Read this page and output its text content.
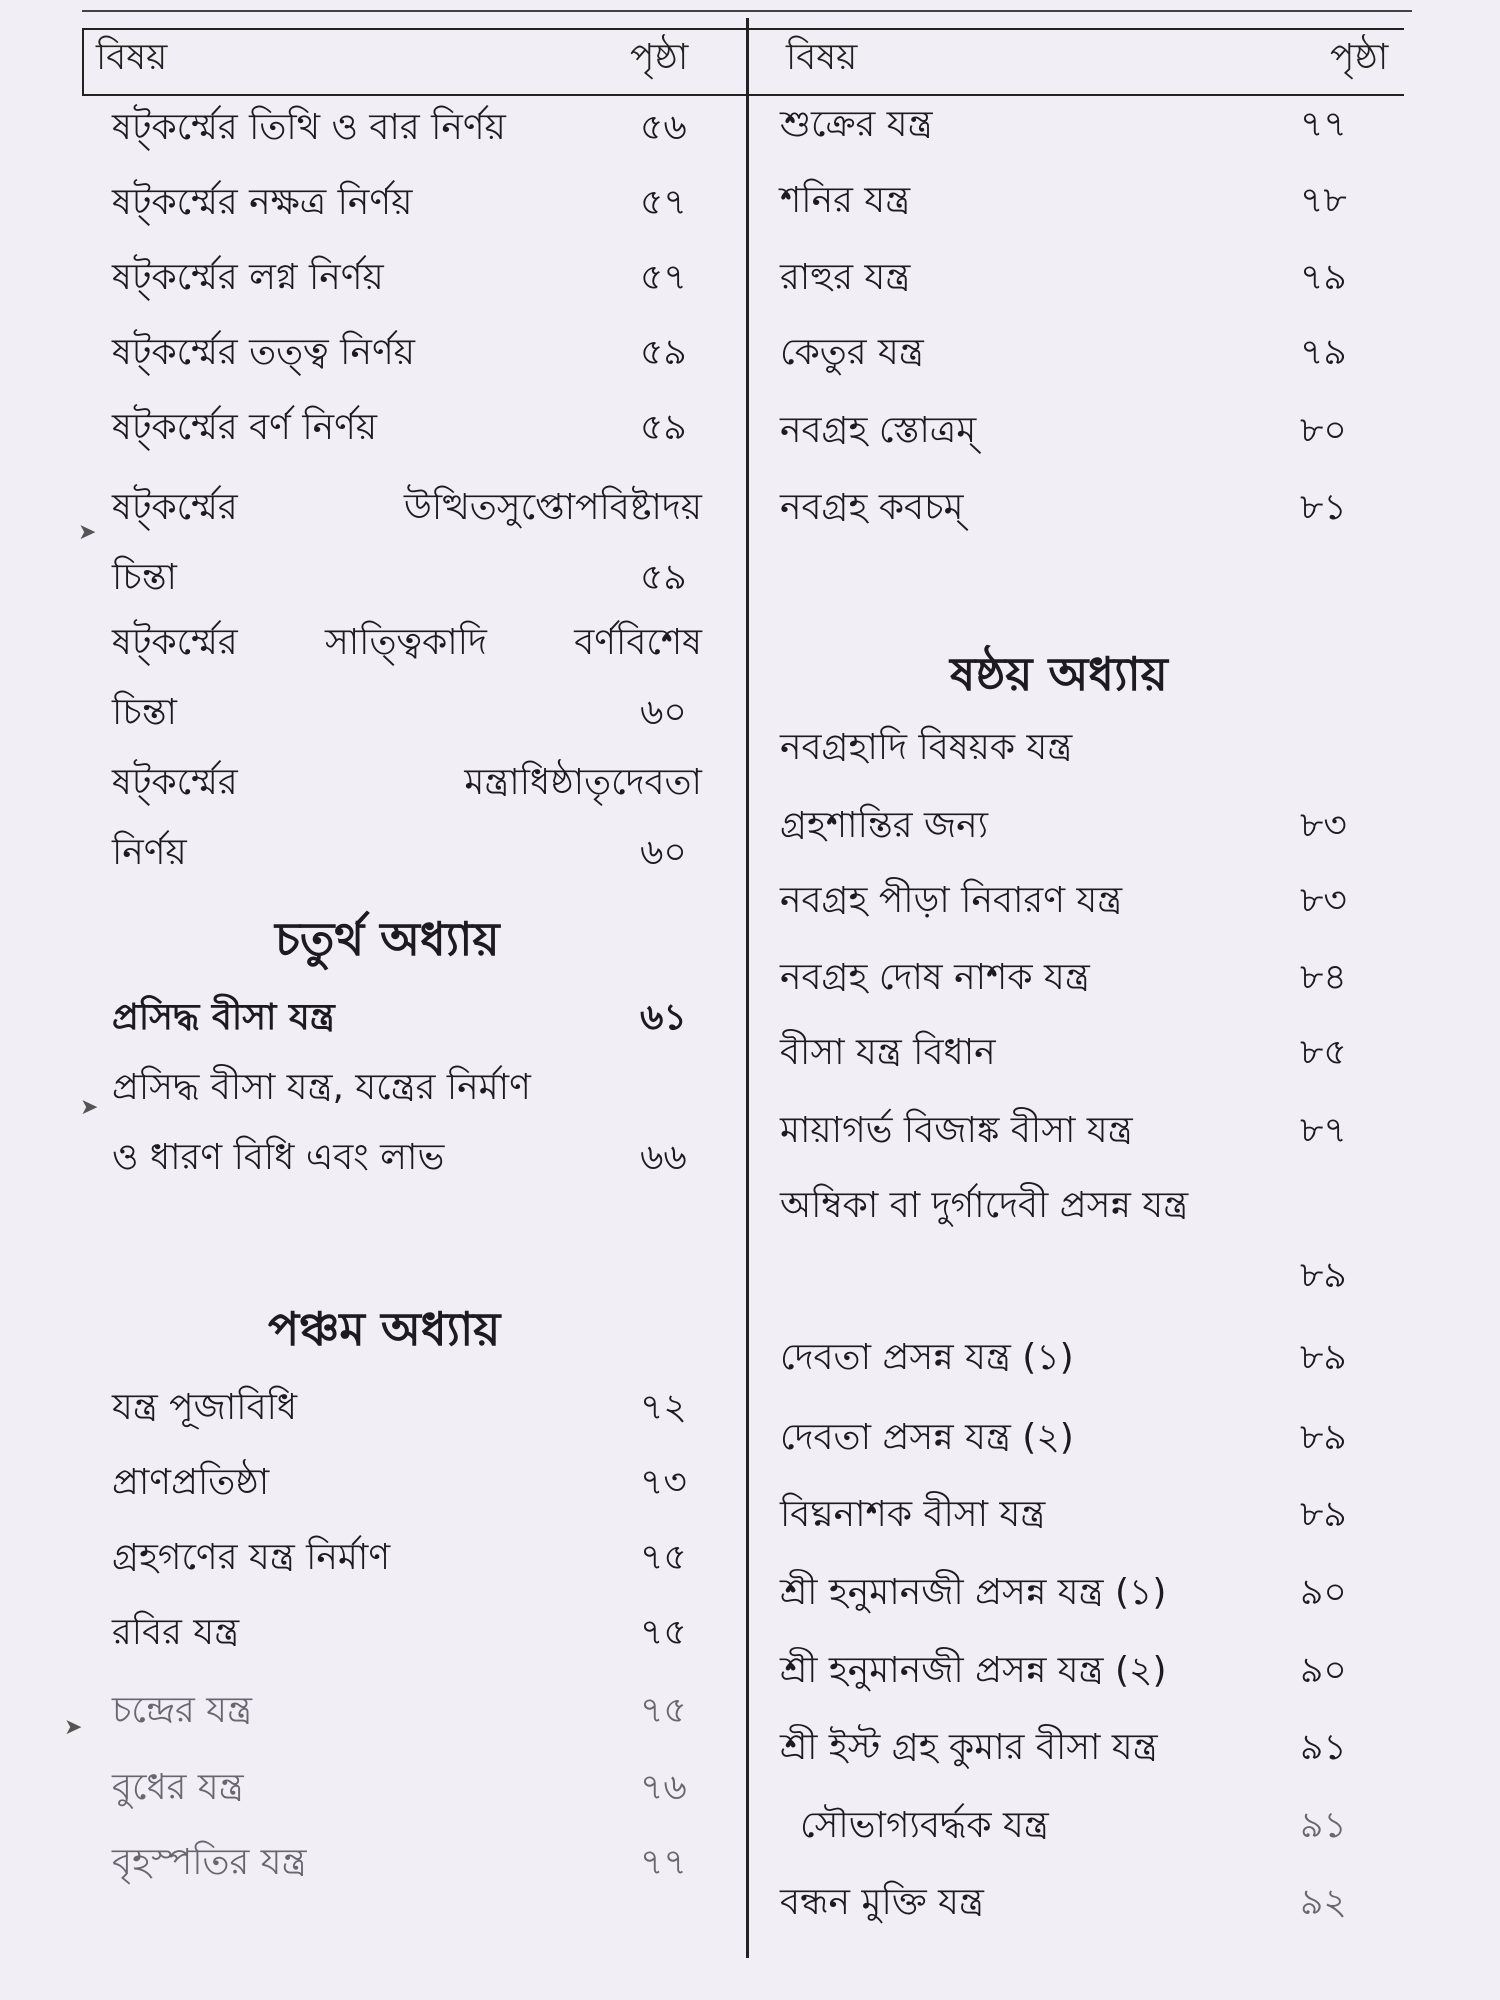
বিষয়	পৃষ্ঠা	বিষয়	পৃষ্ঠা
ষট্‌কর্ম্মের তিথি ও বার নির্ণয়	৫৬
ষট্‌কর্ম্মের নক্ষত্র নির্ণয়	৫৭
ষট্‌কর্ম্মের লগ্ন নির্ণয়	৫৭
ষট্‌কর্ম্মের তত্ত্ব নির্ণয়	৫৯
ষট্‌কর্ম্মের বর্ণ নির্ণয়	৫৯
➤
ষট্‌কর্ম্মের	উত্থিতসুপ্তোপবিষ্টাদয়
চিন্তা	৫৯
ষট্‌কর্ম্মের সাত্ত্বিকাদি বর্ণবিশেষ
চিন্তা	৬০
ষট্‌কর্ম্মের	মন্ত্রাধিষ্ঠাতৃদেবতা
নির্ণয়	৬০
চতুর্থ অধ্যায়
প্রসিদ্ধ বীসা যন্ত্র	৬১
➤ প্রসিদ্ধ বীসা যন্ত্র, যন্ত্রের নির্মাণ
ও ধারণ বিধি এবং লাভ	৬৬
পঞ্চম অধ্যায়
যন্ত্র পূজাবিধি	৭২
প্রাণপ্রতিষ্ঠা	৭৩
গ্রহগণের যন্ত্র নির্মাণ	৭৫
রবির যন্ত্র	৭৫
➤ চন্দ্রের যন্ত্র	৭৫
বুধের যন্ত্র	৭৬
বৃহস্পতির যন্ত্র	৭৭
শুক্রের যন্ত্র	৭৭
শনির যন্ত্র	৭৮
রাহুর যন্ত্র	৭৯
কেতুর যন্ত্র	৭৯
নবগ্রহ স্তোত্রম্	৮০
নবগ্রহ কবচম্	৮১
ষষ্ঠয় অধ্যায়
নবগ্রহাদি বিষয়ক যন্ত্র
গ্রহশান্তির জন্য	৮৩
নবগ্রহ পীড়া নিবারণ যন্ত্র	৮৩
নবগ্রহ দোষ নাশক যন্ত্র	৮৪
বীসা যন্ত্র বিধান	৮৫
মায়াগর্ভ বিজাঙ্ক বীসা যন্ত্র	৮৭
অম্বিকা বা দুর্গাদেবী প্রসন্ন যন্ত্র
৮৯
দেবতা প্রসন্ন যন্ত্র (১)	৮৯
দেবতা প্রসন্ন যন্ত্র (২)	৮৯
বিঘ্ননাশক বীসা যন্ত্র	৮৯
শ্রী হনুমানজী প্রসন্ন যন্ত্র (১)	৯০
শ্রী হনুমানজী প্রসন্ন যন্ত্র (২)	৯০
শ্রী ইস্ট গ্রহ কুমার বীসা যন্ত্র	৯১
সৌভাগ্যবর্দ্ধক যন্ত্র	৯১
বন্ধন মুক্তি যন্ত্র	৯২
